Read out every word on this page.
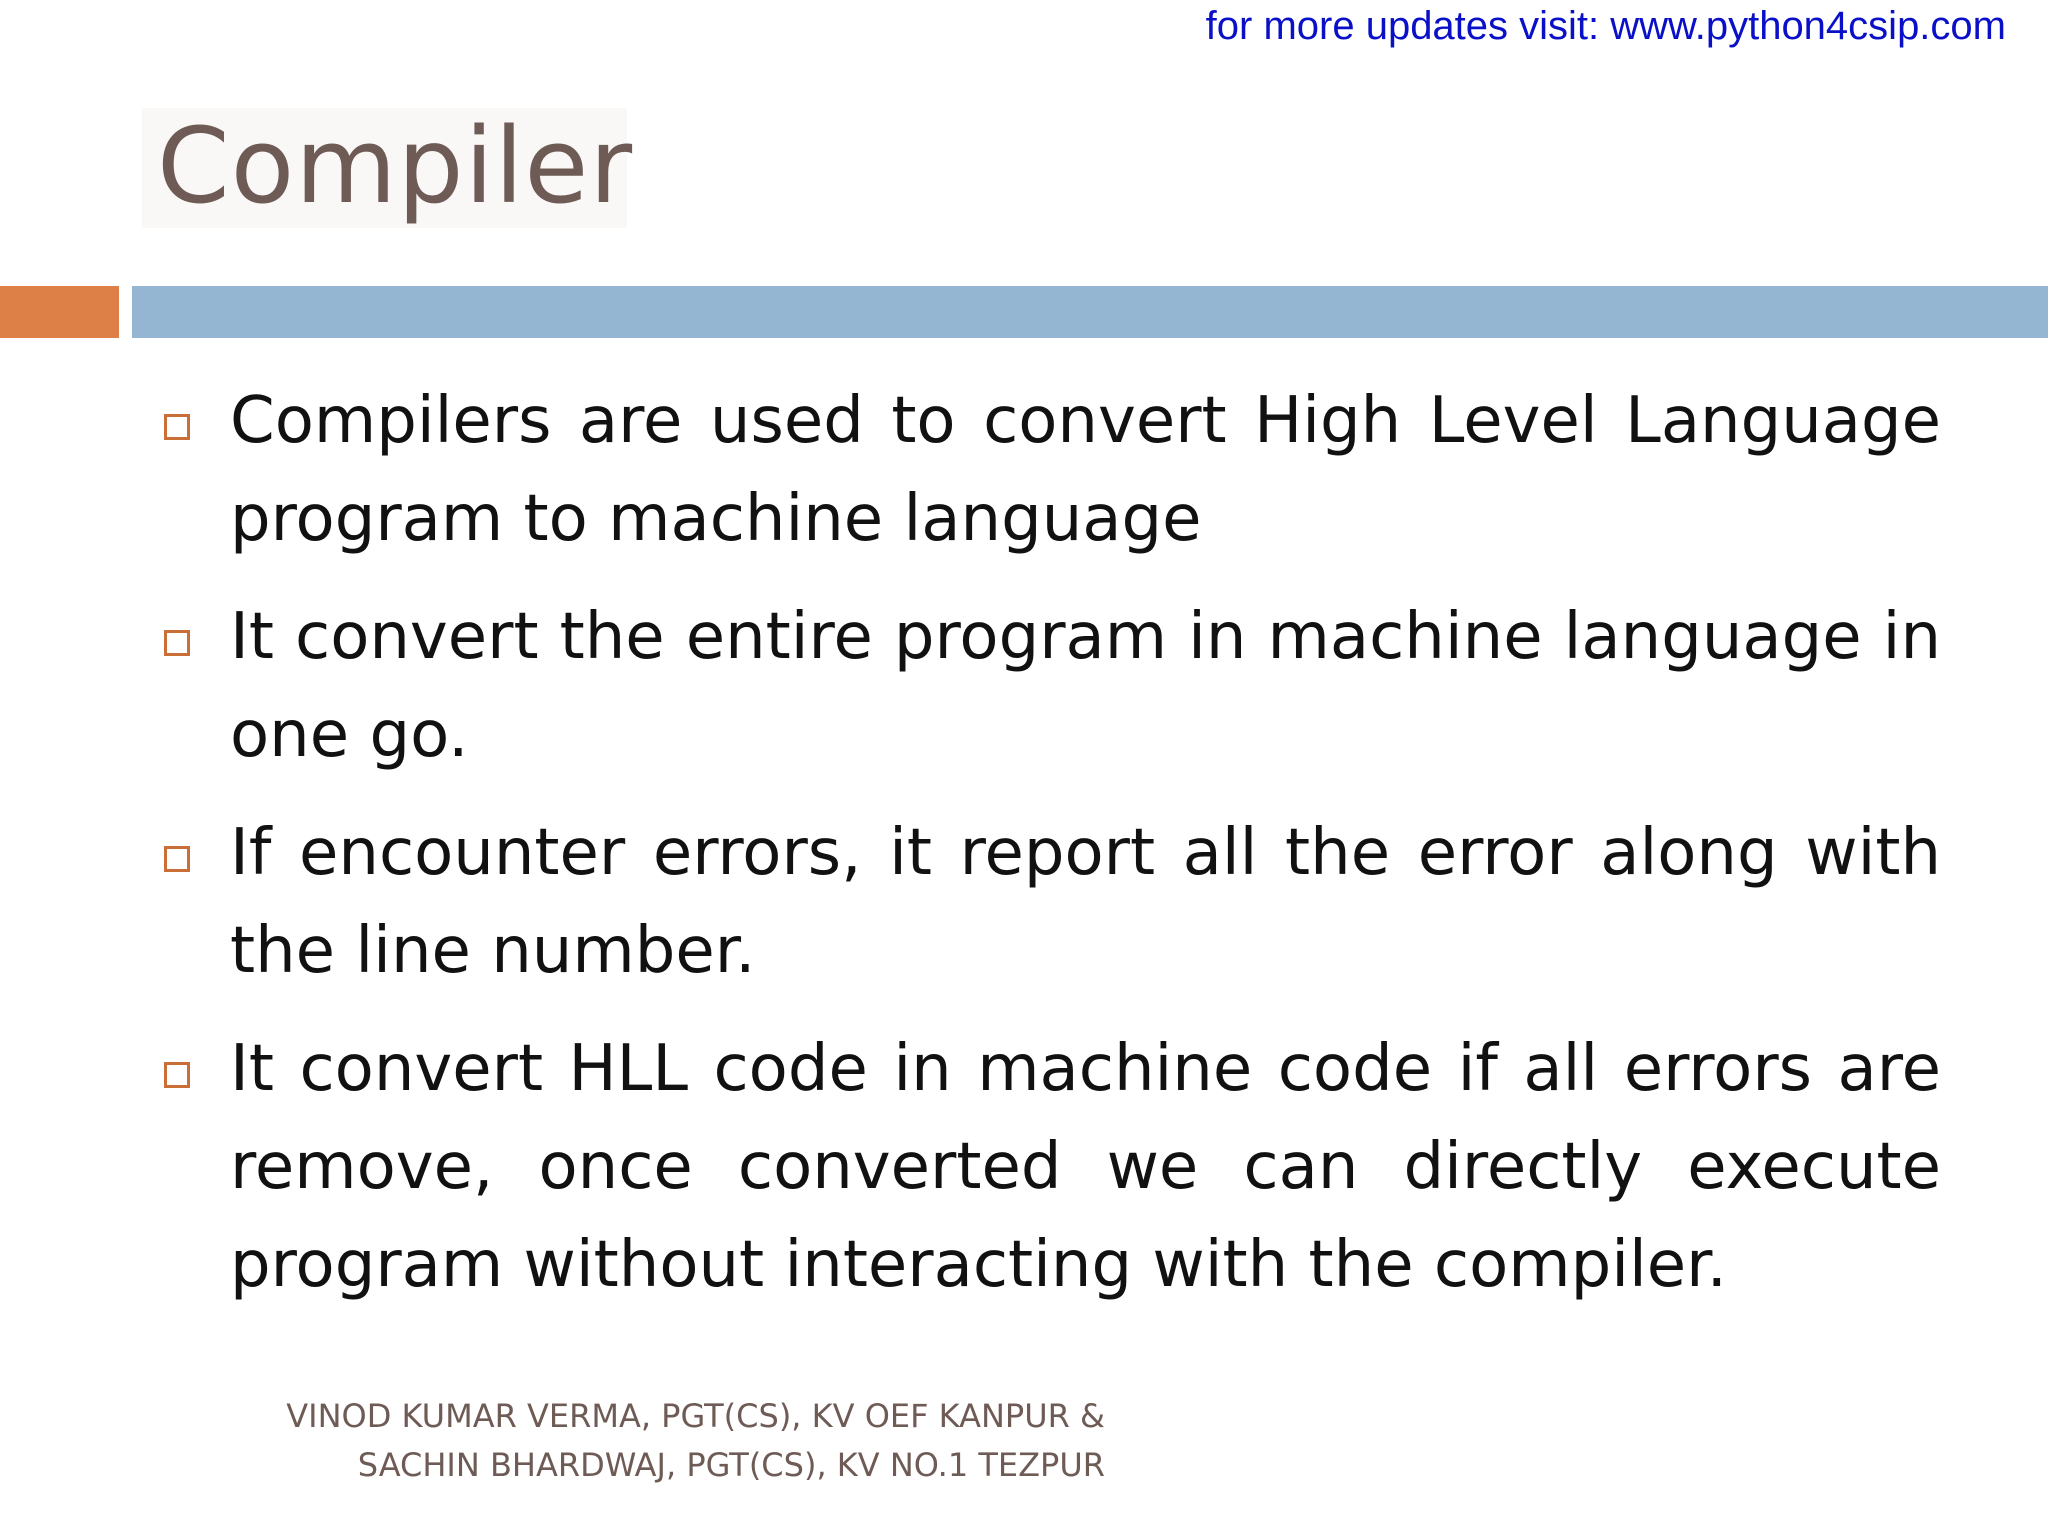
for more updates visit: www.python4csip.com
Compiler
Compilers are used to convert High Level Language program to machine language
It convert the entire program in machine language in one go.
If encounter errors, it report all the error along with the line number.
It convert HLL code in machine code if all errors are remove, once converted we can directly execute program without interacting with the compiler.
VINOD KUMAR VERMA, PGT(CS), KV OEF KANPUR &
SACHIN BHARDWAJ, PGT(CS), KV NO.1 TEZPUR
